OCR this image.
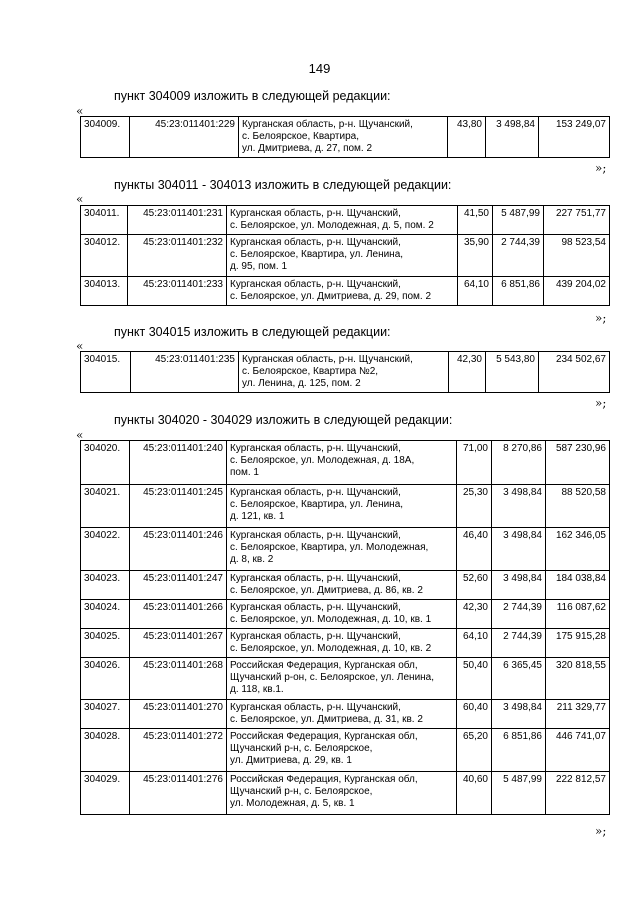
149
пункт 304009 изложить в следующей редакции:
«
304009.	45:23:011401:229	Курганская область, р-н. Щучанский,
с. Белоярское, Квартира,
ул. Дмитриева, д. 27, пом. 2
	43,80	3 498,84	153 249,07
»;
пункты 304011 - 304013 изложить в следующей редакции:
«
304011.	45:23:011401:231	Курганская область, р-н. Щучанский,
с. Белоярское, ул. Молодежная, д. 5, пом. 2	41,50	5 487,99	227 751,77
304012.	45:23:011401:232	Курганская область, р-н. Щучанский,
с. Белоярское, Квартира, ул. Ленина,
д. 95, пом. 1	35,90	2 744,39	98 523,54
304013.	45:23:011401:233	Курганская область, р-н. Щучанский,
с. Белоярское, ул. Дмитриева, д. 29, пом. 2	64,10	6 851,86	439 204,02
»;
пункт 304015 изложить в следующей редакции:
«
304015.	45:23:011401:235	Курганская область, р-н. Щучанский,
с. Белоярское, Квартира №2,
ул. Ленина, д. 125, пом. 2
	42,30	5 543,80	234 502,67
»;
пункты 304020 - 304029 изложить в следующей редакции:
«
304020.	45:23:011401:240	Курганская область, р-н. Щучанский,
с. Белоярское, ул. Молодежная, д. 18А,
пом. 1	71,00	8 270,86	587 230,96
304021.	45:23:011401:245	Курганская область, р-н. Щучанский,
с. Белоярское, Квартира, ул. Ленина,
д. 121, кв. 1	25,30	3 498,84	88 520,58
304022.	45:23:011401:246	Курганская область, р-н. Щучанский,
с. Белоярское, Квартира, ул. Молодежная,
д. 8, кв. 2	46,40	3 498,84	162 346,05
304023.	45:23:011401:247	Курганская область, р-н. Щучанский,
с. Белоярское, ул. Дмитриева, д. 86, кв. 2	52,60	3 498,84	184 038,84
304024.	45:23:011401:266	Курганская область, р-н. Щучанский,
с. Белоярское, ул. Молодежная, д. 10, кв. 1	42,30	2 744,39	116 087,62
304025.	45:23:011401:267	Курганская область, р-н. Щучанский,
с. Белоярское, ул. Молодежная, д. 10, кв. 2	64,10	2 744,39	175 915,28
304026.	45:23:011401:268	Российская Федерация, Курганская обл,
Щучанский р-он, с. Белоярское, ул. Ленина,
д. 118, кв.1.	50,40	6 365,45	320 818,55
304027.	45:23:011401:270	Курганская область, р-н. Щучанский,
с. Белоярское, ул. Дмитриева, д. 31, кв. 2	60,40	3 498,84	211 329,77
304028.	45:23:011401:272	Российская Федерация, Курганская обл,
Щучанский р-н, с. Белоярское,
ул. Дмитриева, д. 29, кв. 1	65,20	6 851,86	446 741,07
304029.	45:23:011401:276	Российская Федерация, Курганская обл,
Щучанский р-н, с. Белоярское,
ул. Молодежная, д. 5, кв. 1	40,60	5 487,99	222 812,57
»;
